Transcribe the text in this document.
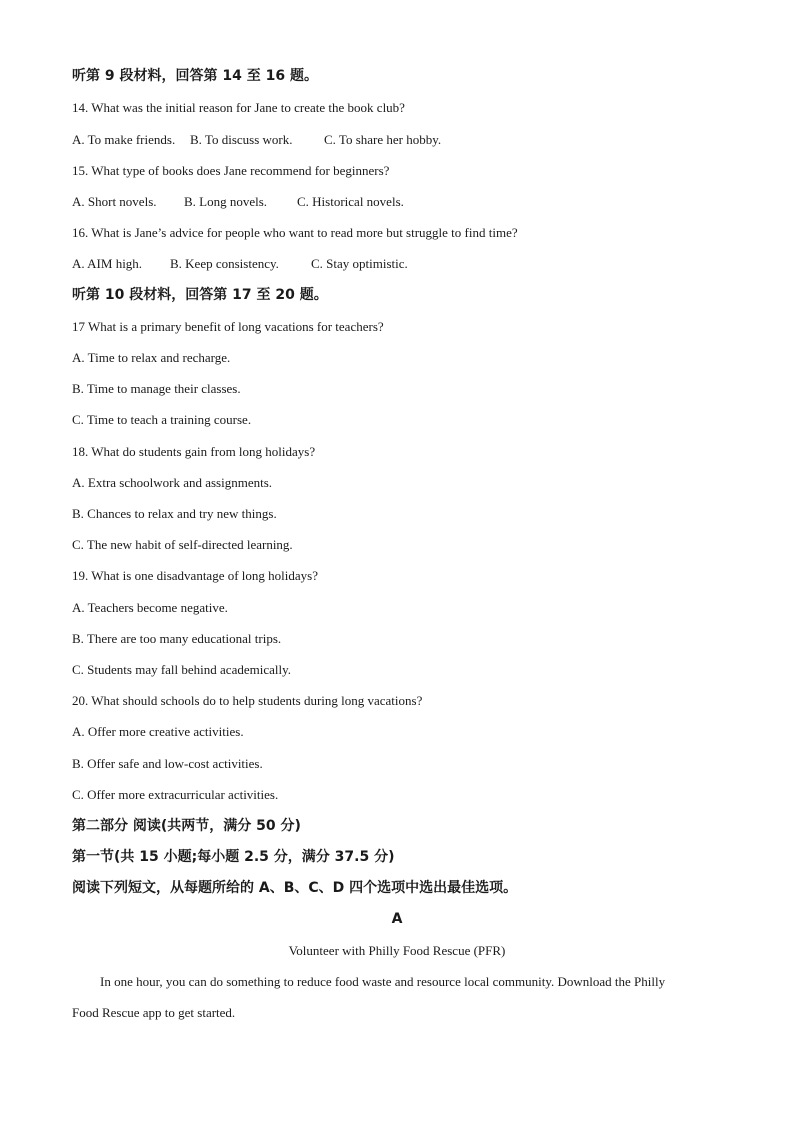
听第 9 段材料，回答第 14 至 16 题。
14. What was the initial reason for Jane to create the book club?
A. To make friends. B. To discuss work. C. To share her hobby.
15. What type of books does Jane recommend for beginners?
A. Short novels. B. Long novels. C. Historical novels.
16. What is Jane’s advice for people who want to read more but struggle to find time?
A. AIM high. B. Keep consistency. C. Stay optimistic.
听第 10 段材料，回答第 17 至 20 题。
17 What is a primary benefit of long vacations for teachers?
A. Time to relax and recharge.
B. Time to manage their classes.
C. Time to teach a training course.
18. What do students gain from long holidays?
A. Extra schoolwork and assignments.
B. Chances to relax and try new things.
C. The new habit of self-directed learning.
19. What is one disadvantage of long holidays?
A. Teachers become negative.
B. There are too many educational trips.
C. Students may fall behind academically.
20. What should schools do to help students during long vacations?
A. Offer more creative activities.
B. Offer safe and low-cost activities.
C. Offer more extracurricular activities.
第二部分 阅读(共两节，满分 50 分)
第一节(共 15 小题;每小题 2.5 分，满分 37.5 分)
阅读下列短文，从每题所给的 A、B、C、D 四个选项中选出最佳选项。
A
Volunteer with Philly Food Rescue (PFR)
In one hour, you can do something to reduce food waste and resource local community. Download the Philly
Food Rescue app to get started.
